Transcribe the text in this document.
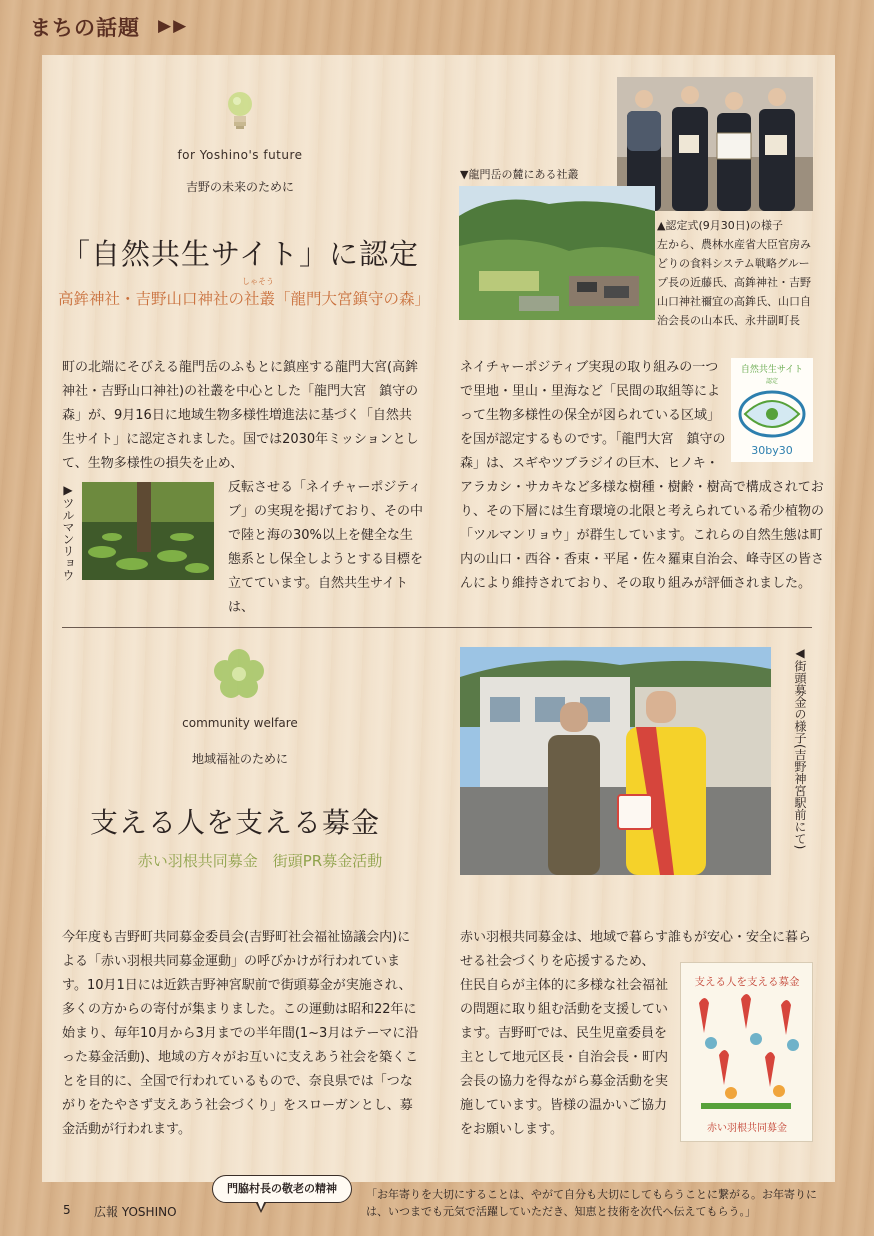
まちの話題 ▶▶
for Yoshino's future
吉野の未来のために
「自然共生サイト」に認定
しゃそう
高鉾神社・吉野山口神社の社叢「龍門大宮鎮守の森」
▼龍門岳の麓にある社叢
▲認定式(9月30日)の様子
左から、農林水産省大臣官房みどりの食料システム戦略グループ長の近藤氏、高鉾神社・吉野山口神社禰宜の高鉾氏、山口自治会長の山本氏、永井副町長
町の北端にそびえる龍門岳のふもとに鎮座する龍門大宮(高鉾神社・吉野山口神社)の社叢を中心とした「龍門大宮　鎮守の森」が、9月16日に地域生物多様性増進法に基づく「自然共生サイト」に認定されました。国では2030年ミッションとして、生物多様性の損失を止め、
▶ツルマンリョウ	反転させる「ネイチャーポジティブ」の実現を掲げており、その中で陸と海の30%以上を健全な生態系とし保全しようとする目標を立てています。自然共生サイトは、
ネイチャーポジティブ実現の取り組みの一つで里地・里山・里海など「民間の取組等によって生物多様性の保全が図られている区域」を国が認定するものです。「龍門大宮　鎮守の森」は、スギやツブラジイの巨木、ヒノキ・
自然共生サイト
認定
30by30
アラカシ・サカキなど多様な樹種・樹齢・樹高で構成されており、その下層には生育環境の北限と考えられている希少植物の「ツルマンリョウ」が群生しています。これらの自然生態は町内の山口・西谷・香束・平尾・佐々羅東自治会、峰寺区の皆さんにより維持されており、その取り組みが評価されました。
community welfare
地域福祉のために
支える人を支える募金
赤い羽根共同募金　街頭PR募金活動
◀街頭募金の様子(吉野神宮駅前にて)
今年度も吉野町共同募金委員会(吉野町社会福祉協議会内)による「赤い羽根共同募金運動」の呼びかけが行われています。10月1日には近鉄吉野神宮駅前で街頭募金が実施され、多くの方からの寄付が集まりました。この運動は昭和22年に始まり、毎年10月から3月までの半年間(1~3月はテーマに沿った募金活動)、地域の方々がお互いに支えあう社会を築くことを目的に、全国で行われているもので、奈良県では「つながりをたやさず支えあう社会づくり」をスローガンとし、募金活動が行われます。
赤い羽根共同募金は、地域で暮らす誰もが安心・安全に暮らせる社会づくりを応援するため、
支える人を支える募金
赤い羽根共同募金
住民自らが主体的に多様な社会福祉の問題に取り組む活動を支援しています。吉野町では、民生児童委員を主として地元区長・自治会長・町内会長の協力を得ながら募金活動を実施しています。皆様の温かいご協力をお願いします。
5 広報 YOSHINO
門脇村長の敬老の精神	「お年寄りを大切にすることは、やがて自分も大切にしてもらうことに繋がる。お年寄りには、いつまでも元気で活躍していただき、知恵と技術を次代へ伝えてもらう。」
